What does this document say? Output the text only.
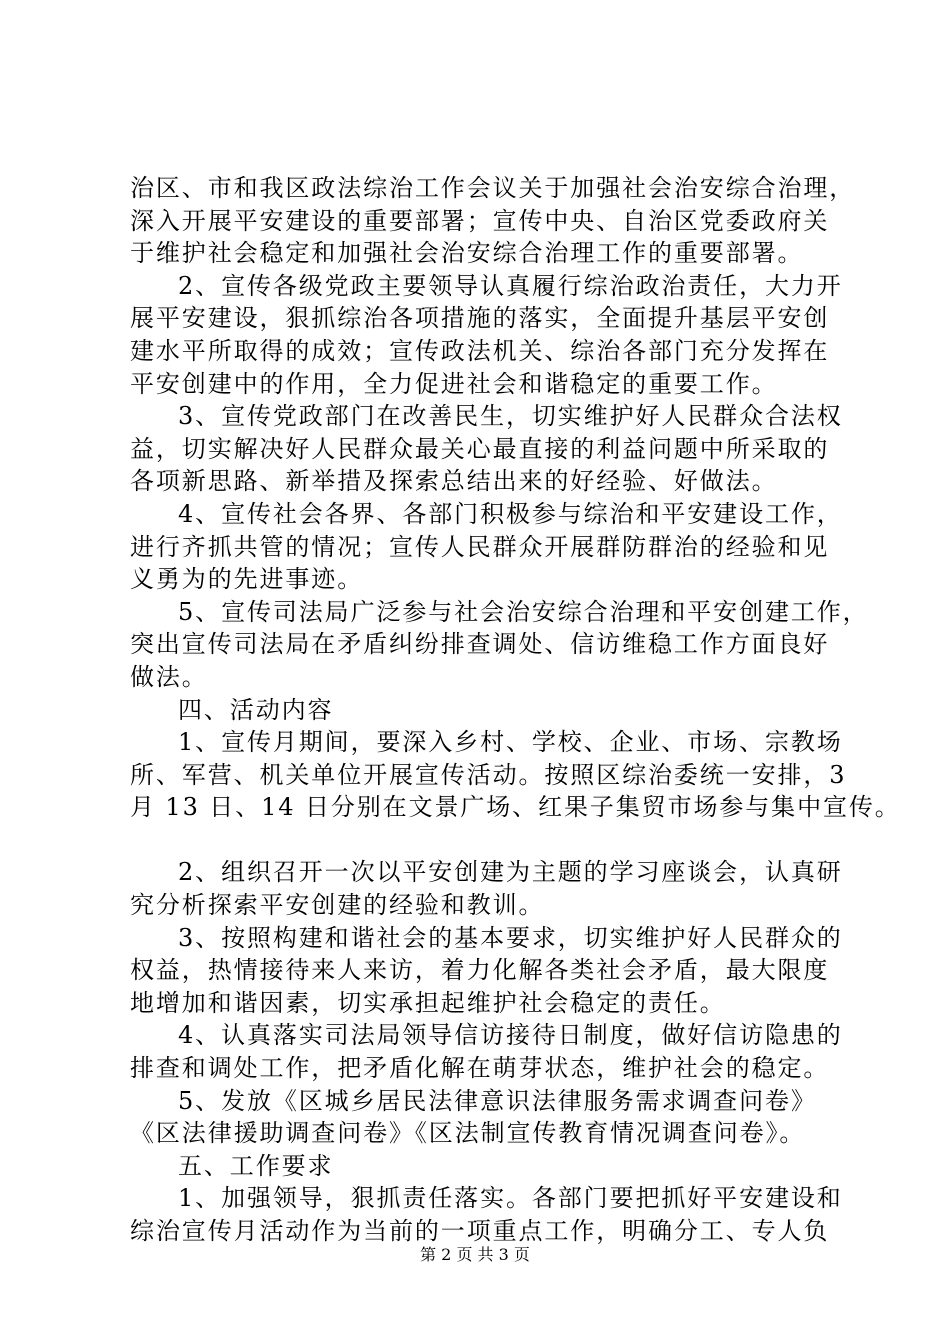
治区、市和我区政法综治工作会议关于加强社会治安综合治理，
深入开展平安建设的重要部署；宣传中央、自治区党委政府关
于维护社会稳定和加强社会治安综合治理工作的重要部署。
2、宣传各级党政主要领导认真履行综治政治责任，大力开
展平安建设，狠抓综治各项措施的落实，全面提升基层平安创
建水平所取得的成效；宣传政法机关、综治各部门充分发挥在
平安创建中的作用，全力促进社会和谐稳定的重要工作。
3、宣传党政部门在改善民生，切实维护好人民群众合法权
益，切实解决好人民群众最关心最直接的利益问题中所采取的
各项新思路、新举措及探索总结出来的好经验、好做法。
4、宣传社会各界、各部门积极参与综治和平安建设工作，
进行齐抓共管的情况；宣传人民群众开展群防群治的经验和见
义勇为的先进事迹。
5、宣传司法局广泛参与社会治安综合治理和平安创建工作，
突出宣传司法局在矛盾纠纷排查调处、信访维稳工作方面良好
做法。
四、活动内容
1、宣传月期间，要深入乡村、学校、企业、市场、宗教场
所、军营、机关单位开展宣传活动。按照区综治委统一安排，3
月 13 日、14 日分别在文景广场、红果子集贸市场参与集中宣传。
2、组织召开一次以平安创建为主题的学习座谈会，认真研
究分析探索平安创建的经验和教训。
3、按照构建和谐社会的基本要求，切实维护好人民群众的
权益，热情接待来人来访，着力化解各类社会矛盾，最大限度
地增加和谐因素，切实承担起维护社会稳定的责任。
4、认真落实司法局领导信访接待日制度，做好信访隐患的
排查和调处工作，把矛盾化解在萌芽状态，维护社会的稳定。
5、发放《区城乡居民法律意识法律服务需求调查问卷》
《区法律援助调查问卷》《区法制宣传教育情况调查问卷》。
五、工作要求
1、加强领导，狠抓责任落实。各部门要把抓好平安建设和
综治宣传月活动作为当前的一项重点工作，明确分工、专人负
第 2 页 共 3 页
